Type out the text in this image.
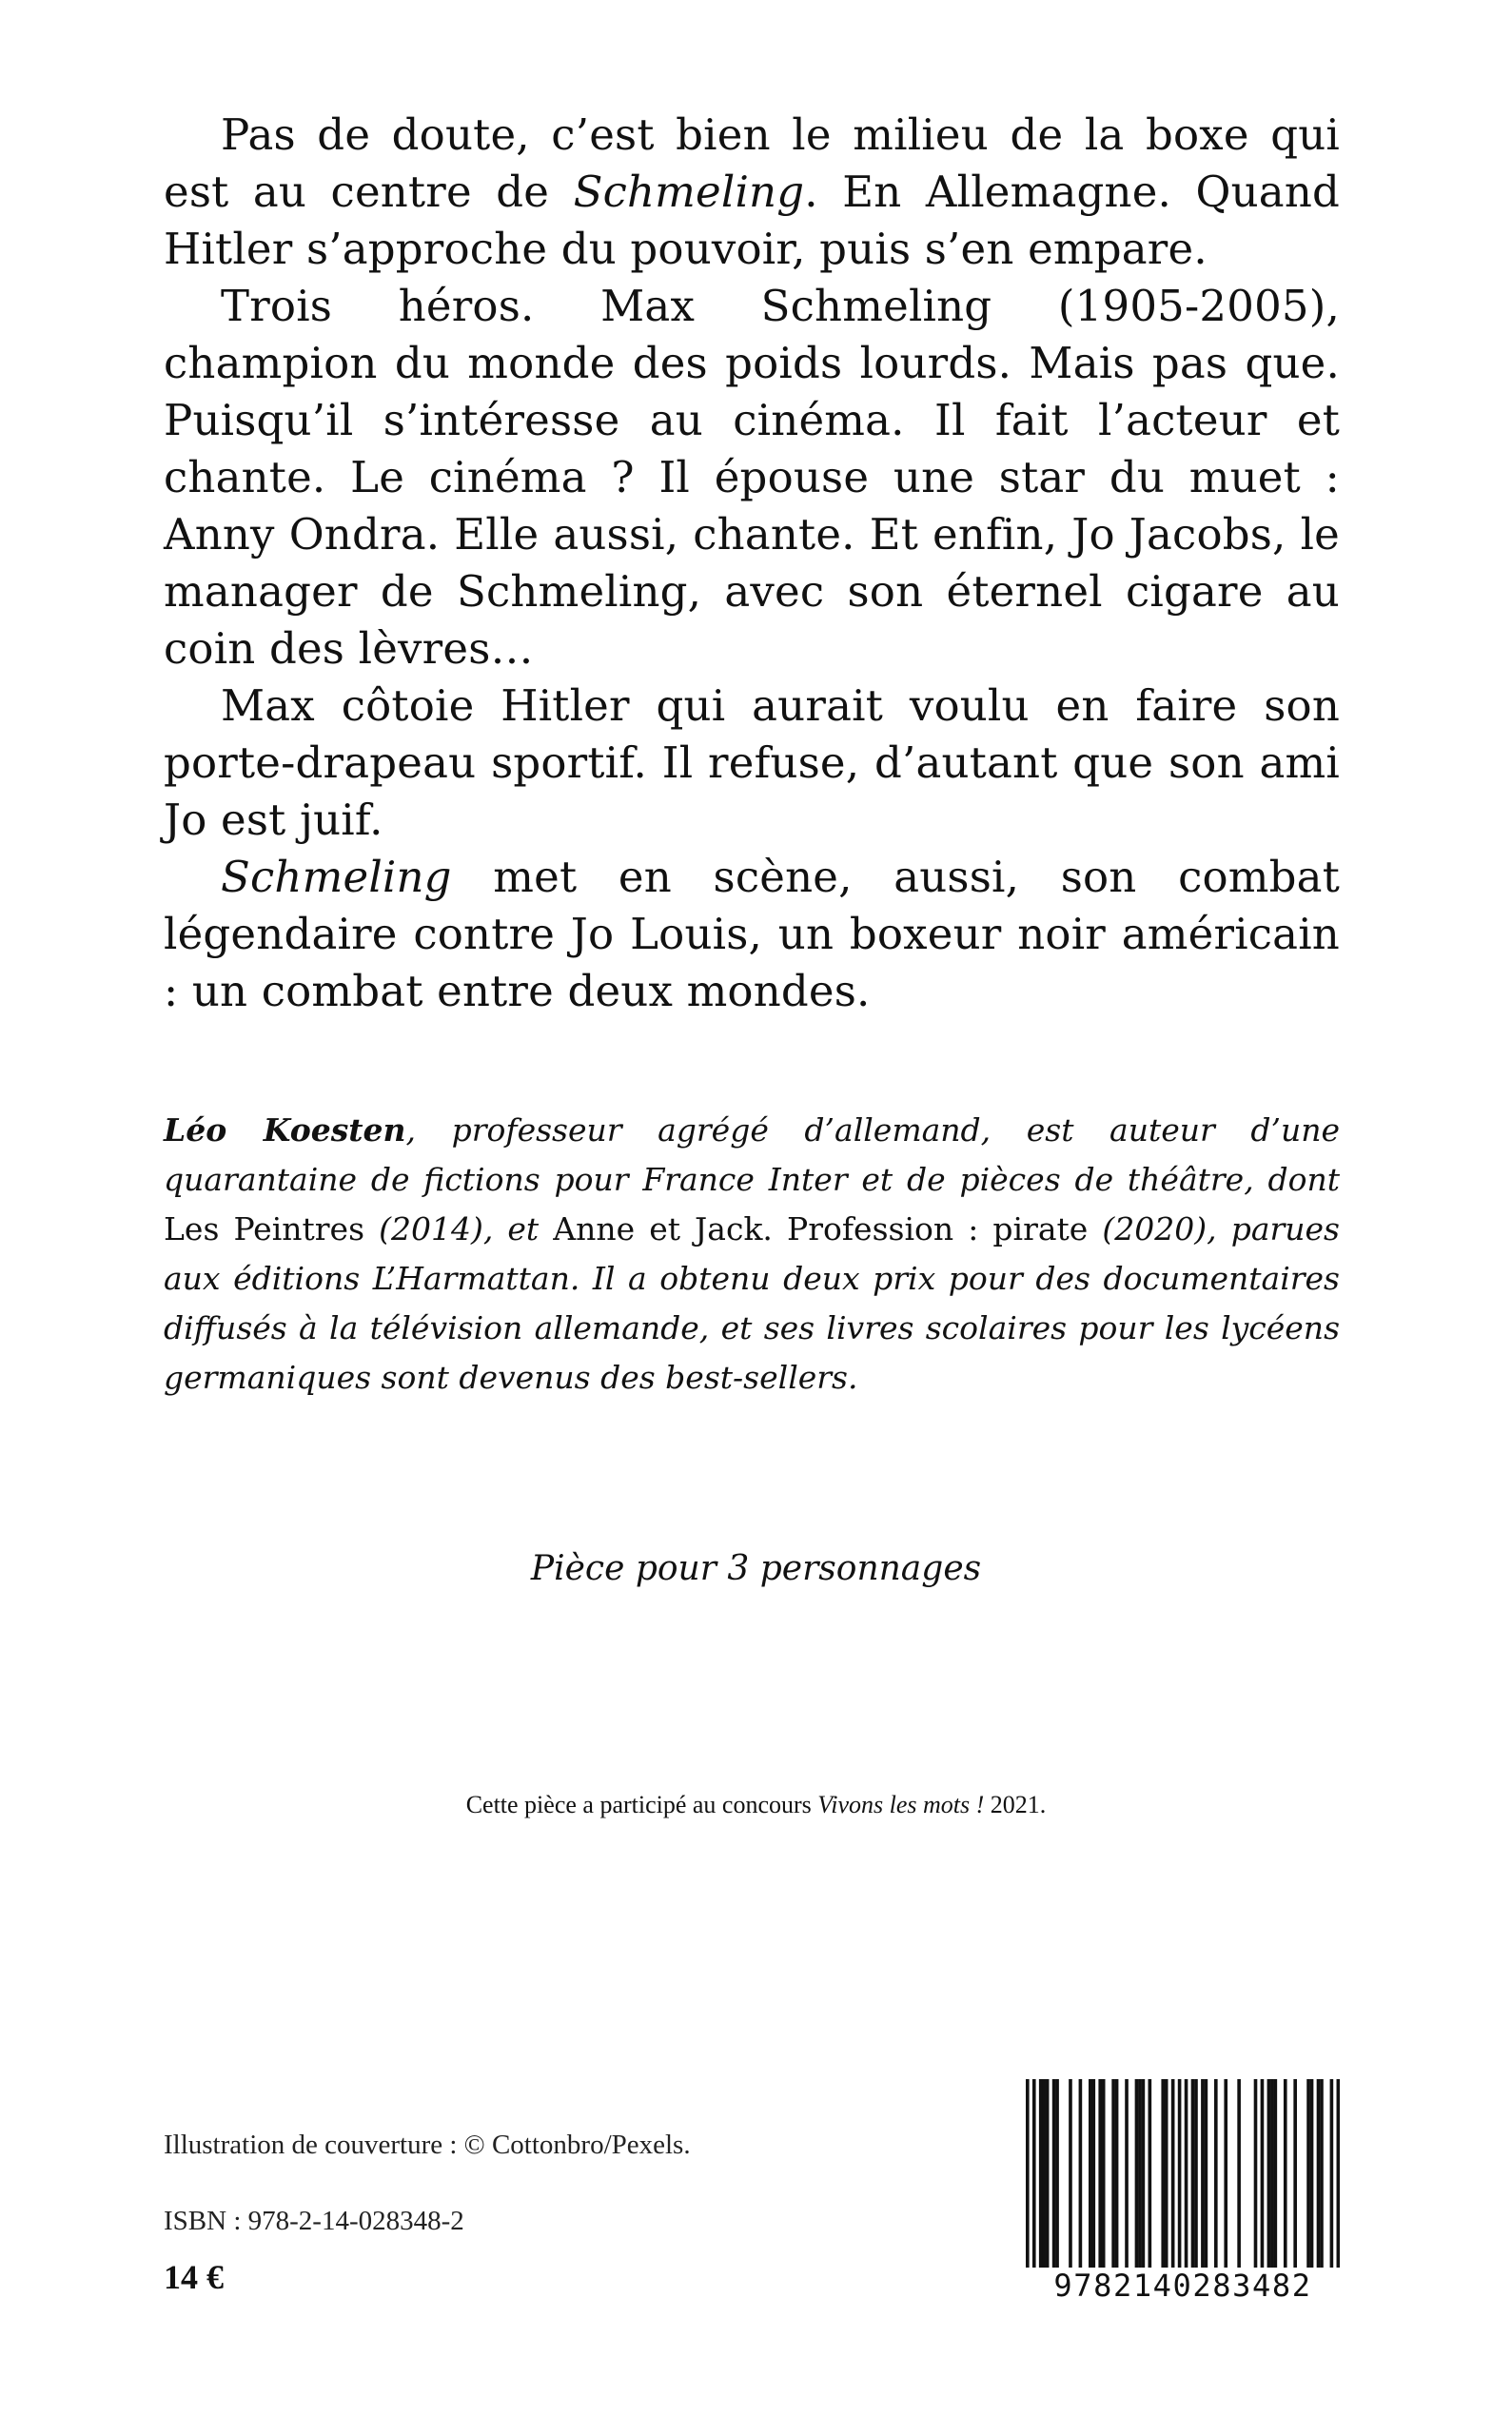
Pas de doute, c’est bien le milieu de la boxe qui est au centre de Schmeling. En Allemagne. Quand Hitler s’approche du pouvoir, puis s’en empare.

Trois héros. Max Schmeling (1905-2005), champion du monde des poids lourds. Mais pas que. Puisqu’il s’intéresse au cinéma. Il fait l’acteur et chante. Le cinéma ? Il épouse une star du muet : Anny Ondra. Elle aussi, chante. Et enfin, Jo Jacobs, le manager de Schmeling, avec son éternel cigare au coin des lèvres…

Max côtoie Hitler qui aurait voulu en faire son porte-drapeau sportif. Il refuse, d’autant que son ami Jo est juif.

Schmeling met en scène, aussi, son combat légendaire contre Jo Louis, un boxeur noir américain : un combat entre deux mondes.

Léo Koesten, professeur agrégé d’allemand, est auteur d’une quarantaine de fictions pour France Inter et de pièces de théâtre, dont Les Peintres (2014), et Anne et Jack. Profession : pirate (2020), parues aux éditions L’Harmattan. Il a obtenu deux prix pour des documentaires diffusés à la télévision allemande, et ses livres scolaires pour les lycéens germaniques sont devenus des best-sellers.
Pièce pour 3 personnages
Cette pièce a participé au concours Vivons les mots ! 2021.
Illustration de couverture : © Cottonbro/Pexels.
ISBN : 978-2-14-028348-2
14 €	9782140283482
